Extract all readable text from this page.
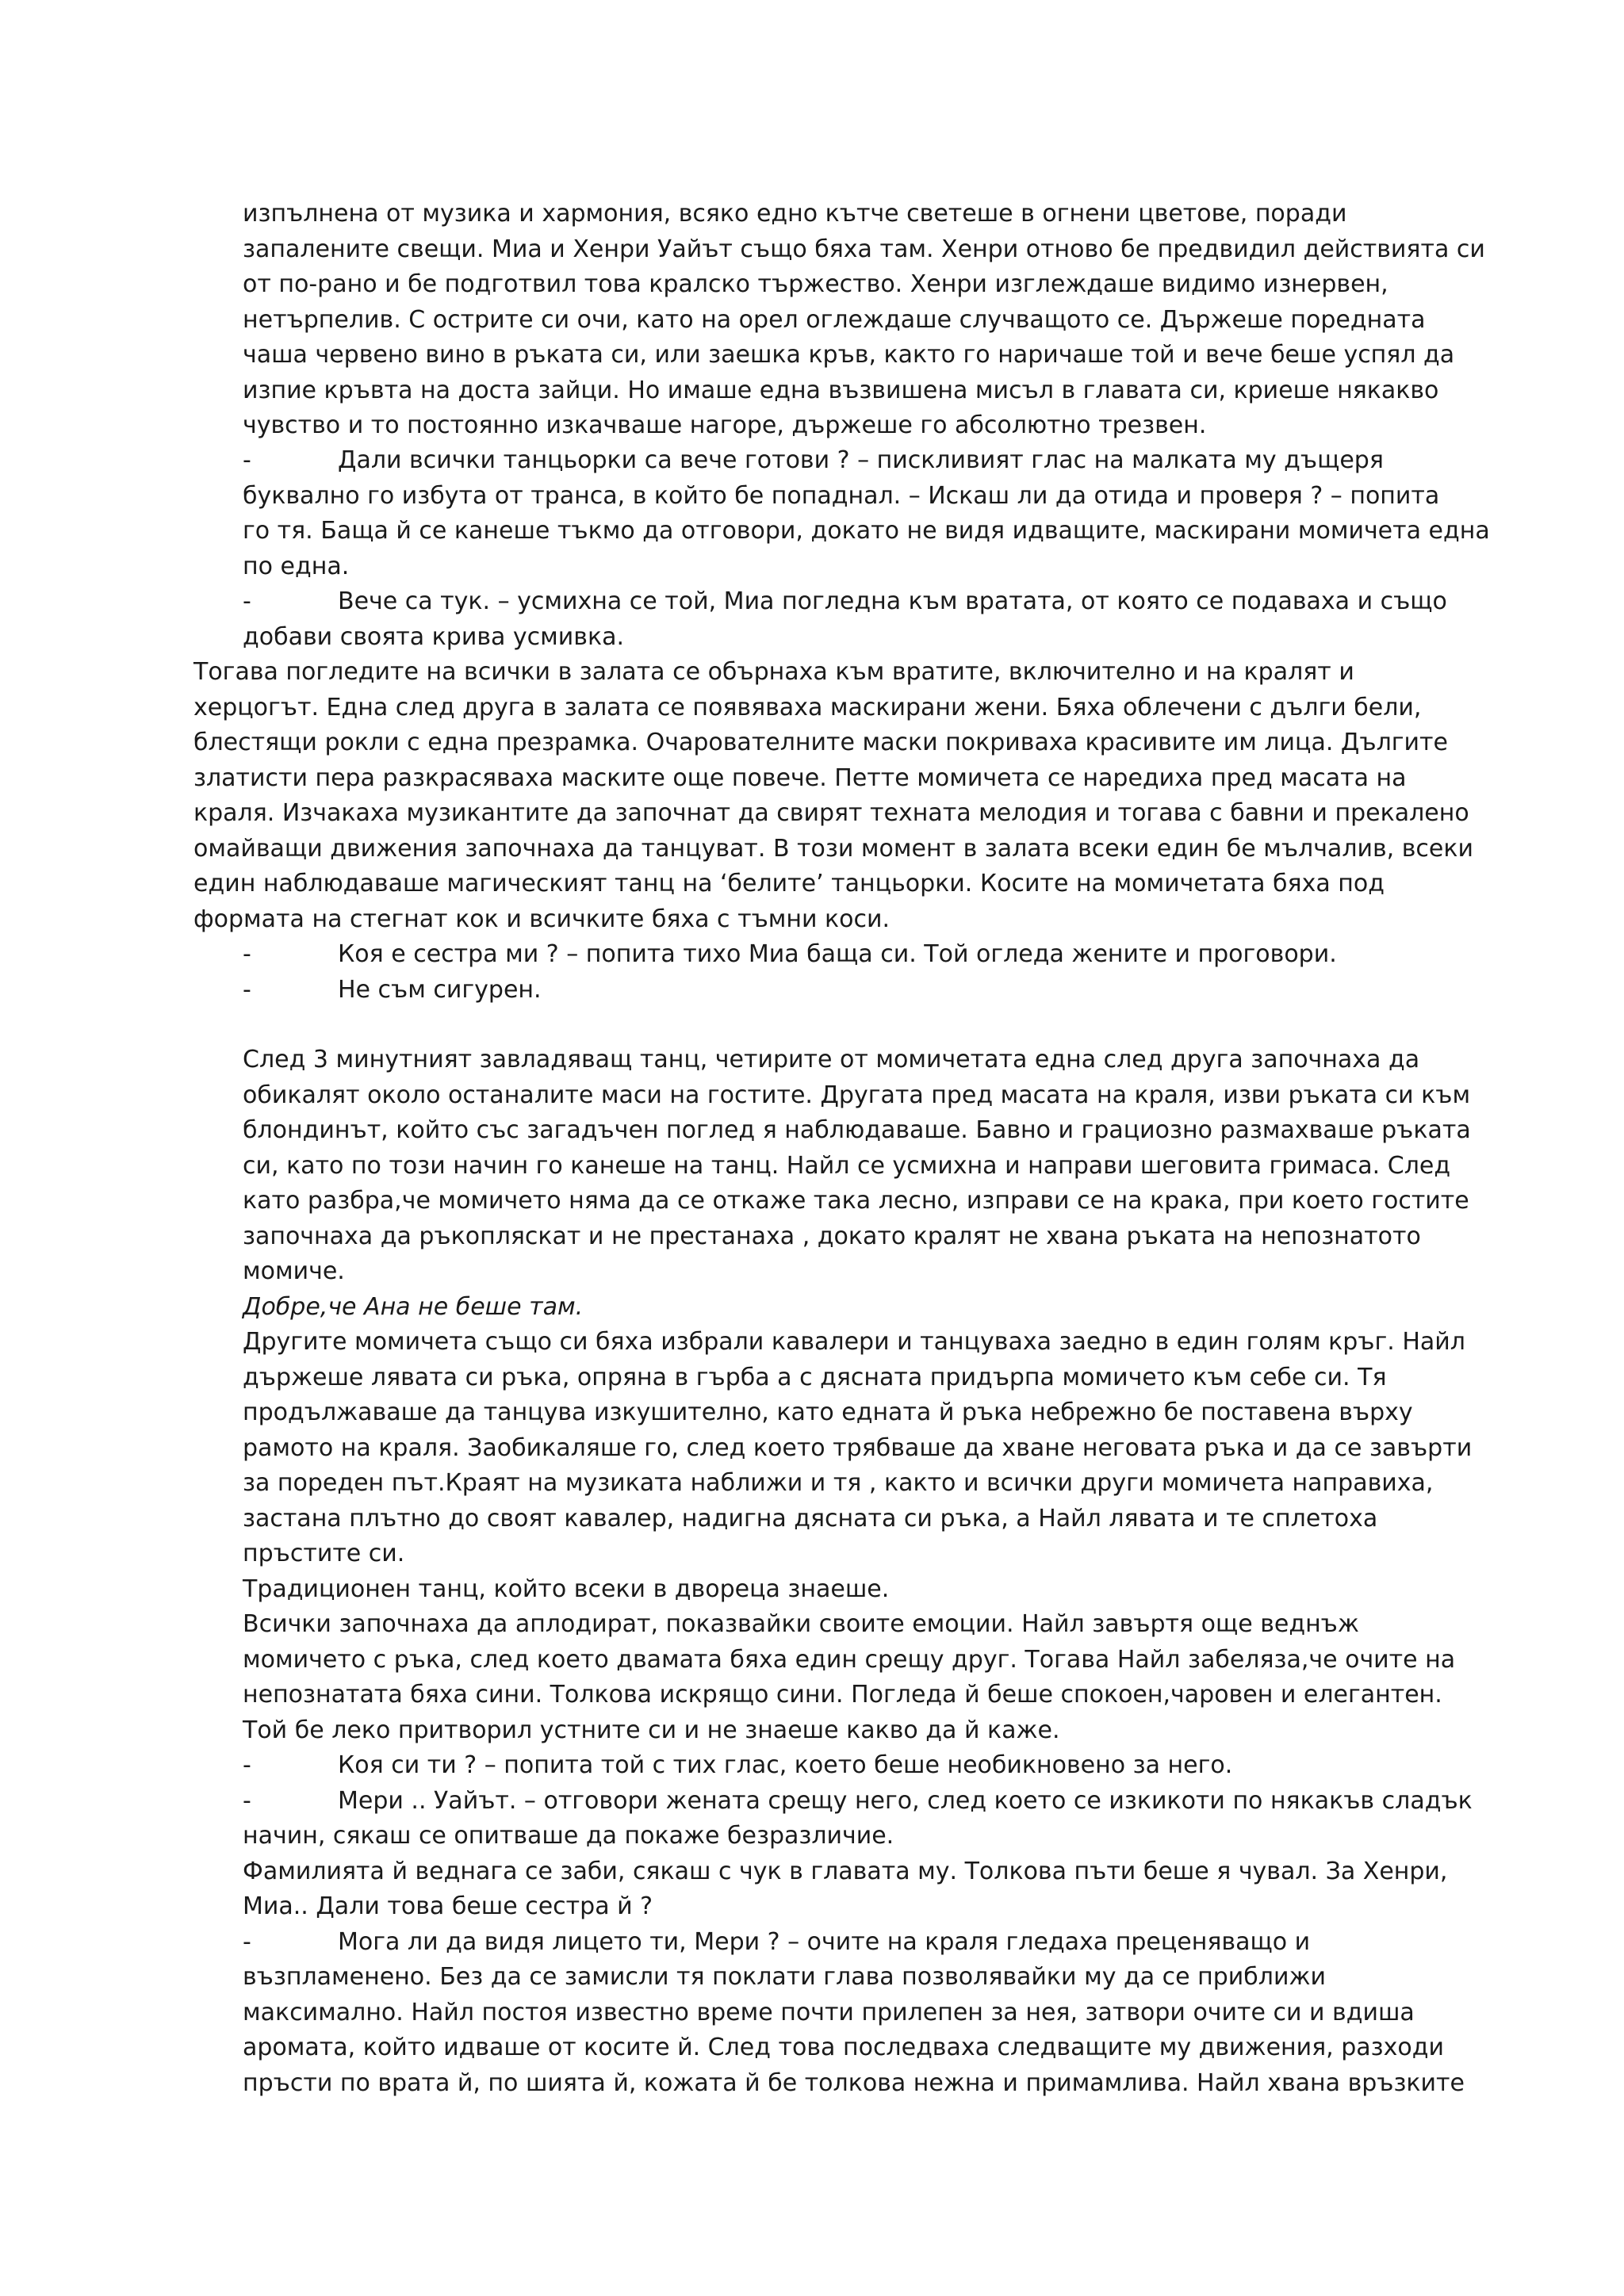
изпълнена от музика и хармония, всяко едно кътче светеше в огнени цветове, поради
запалените свещи. Миа и Хенри Уайът също бяха там. Хенри отново бе предвидил действията си
от по-рано и бе подготвил това кралско тържество. Хенри изглеждаше видимо изнервен,
нетърпелив. С острите си очи, като на орел оглеждаше случващото се. Държеше поредната
чаша червено вино в ръката си, или заешка кръв, както го наричаше той и вече беше успял да
изпие кръвта на доста зайци. Но имаше една възвишена мисъл в главата си, криеше някакво
чувство и то постоянно изкачваше нагоре, държеше го абсолютно трезвен.
-	Дали всички танцьорки са вече готови ? – пискливият глас на малката му дъщеря
буквално го избута от транса, в който бе попаднал. – Искаш ли да отида и проверя ? – попита
го тя. Баща й се канеше тъкмо да отговори, докато не видя идващите, маскирани момичета една
по една.
-	Вече са тук. – усмихна се той, Миа погледна към вратата, от която се подаваха и също
добави своята крива усмивка.
Тогава погледите на всички в залата се обърнаха към вратите, включително и на кралят и
херцогът. Една след друга в залата се появяваха маскирани жени. Бяха облечени с дълги бели,
блестящи рокли с една презрамка. Очарователните маски покриваха красивите им лица. Дългите
златисти пера разкрасяваха маските още повече. Петте момичета се наредиха пред масата на
краля. Изчакаха музикантите да започнат да свирят техната мелодия и тогава с бавни и прекалено
омайващи движения започнаха да танцуват. В този момент в залата всеки един бе мълчалив, всеки
един наблюдаваше магическият танц на ‘белите’ танцьорки. Косите на момичетата бяха под
формата на стегнат кок и всичките бяха с тъмни коси.
-	Коя е сестра ми ? – попита тихо Миа баща си. Той огледа жените и проговори.
-	Не съм сигурен.
След 3 минутният завладяващ танц, четирите от момичетата една след друга започнаха да
обикалят около останалите маси на гостите. Другата пред масата на краля, изви ръката си към
блондинът, който със загадъчен поглед я наблюдаваше. Бавно и грациозно размахваше ръката
си, като по този начин го канеше на танц. Найл се усмихна и направи шеговита гримаса. След
като разбра,че момичето няма да се откаже така лесно, изправи се на крака, при което гостите
започнаха да ръкопляскат и не престанаха , докато кралят не хвана ръката на непознатото
момиче.
Добре,че Ана не беше там.
Другите момичета също си бяха избрали кавалери и танцуваха заедно в един голям кръг. Найл
държеше лявата си ръка, опряна в гърба а с дясната придърпа момичето към себе си. Тя
продължаваше да танцува изкушително, като едната й ръка небрежно бе поставена върху
рамото на краля. Заобикаляше го, след което трябваше да хване неговата ръка и да се завърти
за пореден път.Краят на музиката наближи и тя , както и всички други момичета направиха,
застана плътно до своят кавалер, надигна дясната си ръка, а Найл лявата и те сплетоха
пръстите си.
Традиционен танц, който всеки в двореца знаеше.
Всички започнаха да аплодират, показвайки своите емоции. Найл завъртя още веднъж
момичето с ръка, след което двамата бяха един срещу друг. Тогава Найл забеляза,че очите на
непознатата бяха сини. Толкова искрящо сини. Погледа й беше спокоен,чаровен и елегантен.
Той бе леко притворил устните си и не знаеше какво да й каже.
-	Коя си ти ? – попита той с тих глас, което беше необикновено за него.
-	Мери .. Уайът. – отговори жената срещу него, след което се изкикоти по някакъв сладък
начин, сякаш се опитваше да покаже безразличие.
Фамилията й веднага се заби, сякаш с чук в главата му. Толкова пъти беше я чувал. За Хенри,
Миа.. Дали това беше сестра й ?
-	Мога ли да видя лицето ти, Мери ? – очите на краля гледаха преценяващо и
възпламенено. Без да се замисли тя поклати глава позволявайки му да се приближи
максимално. Найл постоя известно време почти прилепен за нея, затвори очите си и вдиша
аромата, който идваше от косите й. След това последваха следващите му движения, разходи
пръсти по врата й, по шията й, кожата й бе толкова нежна и примамлива. Найл хвана връзките
